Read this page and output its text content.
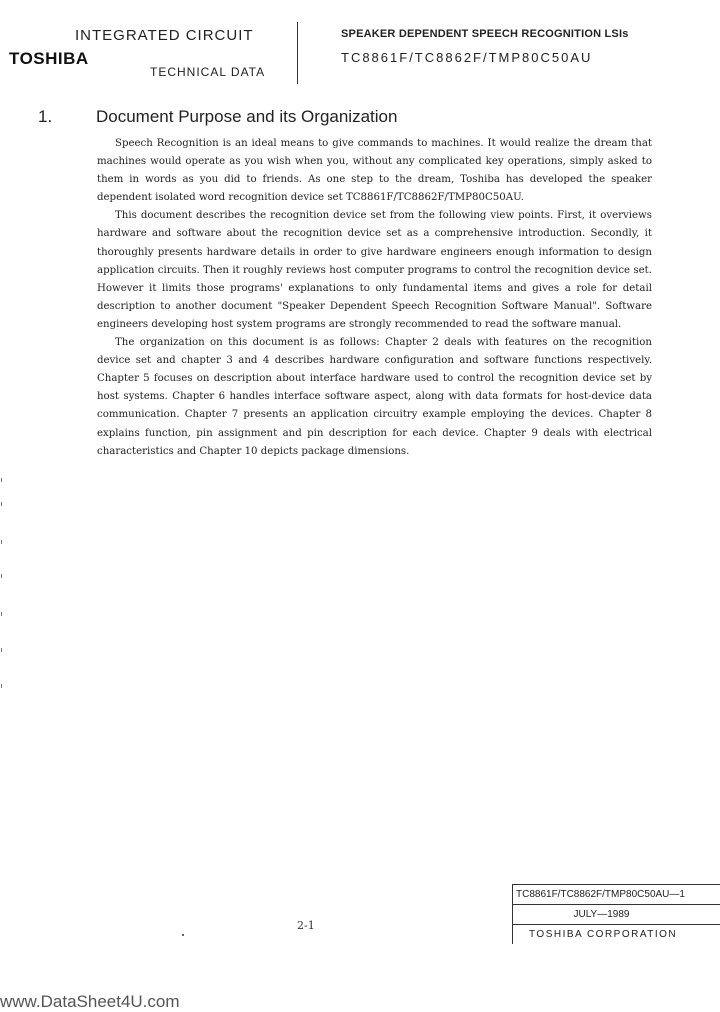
INTEGRATED CIRCUIT
TOSHIBA
TECHNICAL DATA
SPEAKER DEPENDENT SPEECH RECOGNITION LSIs
TC8861F/TC8862F/TMP80C50AU
1.	Document Purpose and its Organization

Speech Recognition is an ideal means to give commands to machines. It would realize the dream that machines would operate as you wish when you, without any complicated key operations, simply asked to them in words as you did to friends. As one step to the dream, Toshiba has developed the speaker dependent isolated word recognition device set TC8861F/TC8862F/TMP80C50AU.

This document describes the recognition device set from the following view points. First, it overviews hardware and software about the recognition device set as a comprehensive introduction. Secondly, it thoroughly presents hardware details in order to give hardware engineers enough information to design application circuits. Then it roughly reviews host computer programs to control the recognition device set. However it limits those programs' explanations to only fundamental items and gives a role for detail description to another document "Speaker Dependent Speech Recognition Software Manual". Software engineers developing host system programs are strongly recommended to read the software manual.

The organization on this document is as follows: Chapter 2 deals with features on the recognition device set and chapter 3 and 4 describes hardware configuration and software functions respectively. Chapter 5 focuses on description about interface hardware used to control the recognition device set by host systems. Chapter 6 handles interface software aspect, along with data formats for host-device data communication. Chapter 7 presents an application circuitry example employing the devices. Chapter 8 explains function, pin assignment and pin description for each device. Chapter 9 deals with electrical characteristics and Chapter 10 depicts package dimensions.

2-1
TC8861F/TC8862F/TMP80C50AU—1
JULY—1989
TOSHIBA CORPORATION
www.DataSheet4U.com
